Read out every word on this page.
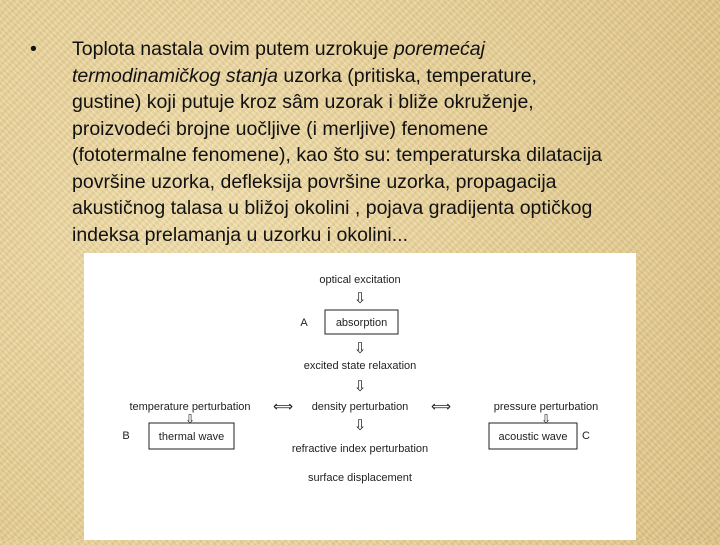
•	Toplota nastala ovim putem uzrokuje poremećaj
termodinamičkog stanja uzorka (pritiska, temperature,
gustine) koji putuje kroz sâm uzorak i bliže okruženje,
proizvodeći brojne uočljive (i merljive) fenomene
(fototermalne fenomene), kao što su: temperaturska dilatacija
površine uzorka, defleksija površine uzorka, propagacija
akustičnog talasa u bližoj okolini , pojava gradijenta optičkog
indeksa prelamanja u uzorku i okolini...
optical excitation
⇩
absorption
A
⇩
excited state relaxation
⇩
temperature perturbation ⟺ density perturbation ⟺	pressure perturbation
B	thermal wave
⇩	⇩
refractive index perturbation
acoustic wave C
⇩
surface displacement
